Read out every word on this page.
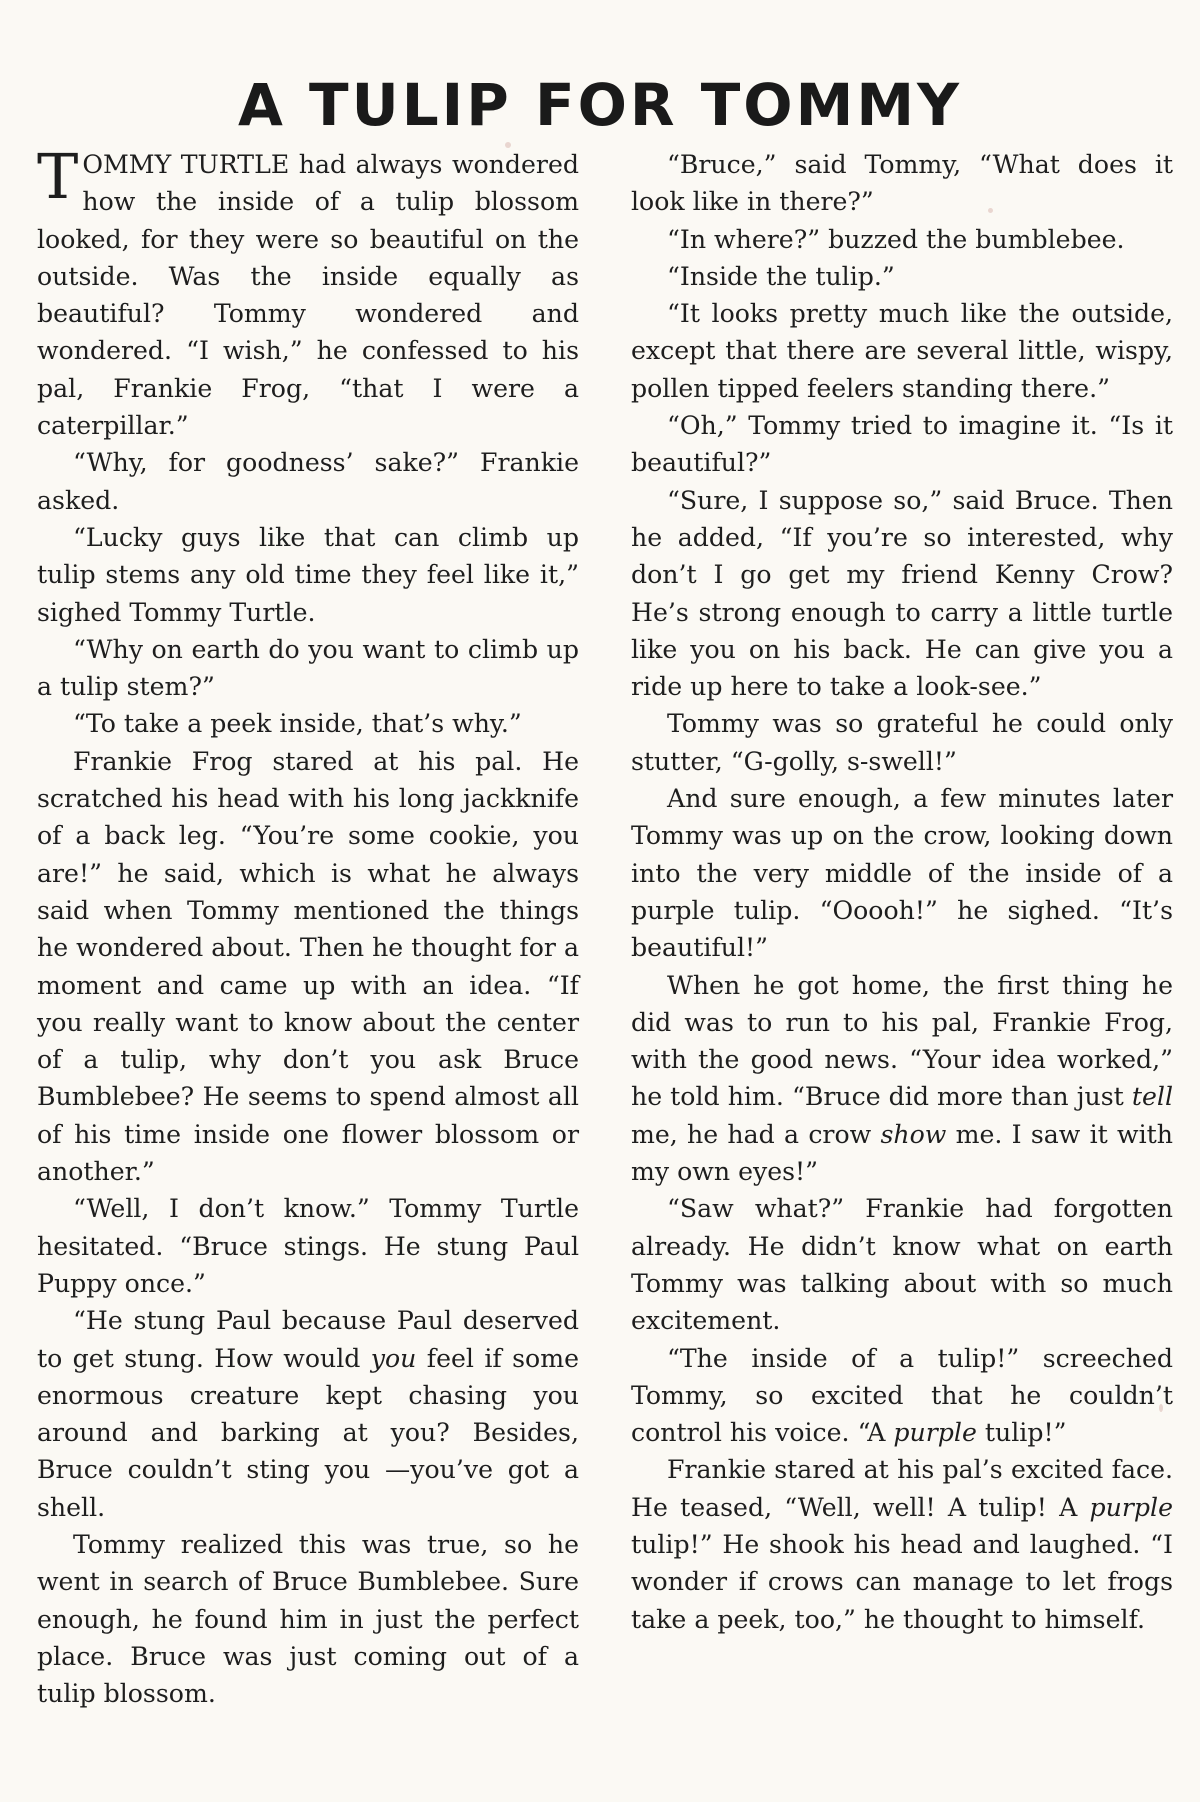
A TULIP FOR TOMMY

TOMMY TURTLE had always wondered how the inside of a tulip blossom looked, for they were so beautiful on the outside. Was the inside equally as beautiful? Tommy wondered and wondered. “I wish,” he confessed to his pal, Frankie Frog, “that I were a caterpillar.”

“Why, for goodness’ sake?” Frankie asked.

“Lucky guys like that can climb up tulip stems any old time they feel like it,” sighed Tommy Turtle.

“Why on earth do you want to climb up a tulip stem?”

“To take a peek inside, that’s why.”

Frankie Frog stared at his pal. He scratched his head with his long jackknife of a back leg. “You’re some cookie, you are!” he said, which is what he always said when Tommy mentioned the things he wondered about. Then he thought for a moment and came up with an idea. “If you really want to know about the center of a tulip, why don’t you ask Bruce Bumblebee? He seems to spend almost all of his time inside one flower blossom or another.”

“Well, I don’t know.” Tommy Turtle hesitated. “Bruce stings. He stung Paul Puppy once.”

“He stung Paul because Paul deserved to get stung. How would you feel if some enormous creature kept chasing you around and barking at you? Besides, Bruce couldn’t sting you —you’ve got a shell.

Tommy realized this was true, so he went in search of Bruce Bumblebee. Sure enough, he found him in just the perfect place. Bruce was just coming out of a tulip blossom.

“Bruce,” said Tommy, “What does it look like in there?”

“In where?” buzzed the bumblebee.

“Inside the tulip.”

“It looks pretty much like the outside, except that there are several little, wispy, pollen tipped feelers standing there.”

“Oh,” Tommy tried to imagine it. “Is it beautiful?”

“Sure, I suppose so,” said Bruce. Then he added, “If you’re so interested, why don’t I go get my friend Kenny Crow? He’s strong enough to carry a little turtle like you on his back. He can give you a ride up here to take a look-see.”

Tommy was so grateful he could only stutter, “G-golly, s-swell!”

And sure enough, a few minutes later Tommy was up on the crow, looking down into the very middle of the inside of a purple tulip. “Ooooh!” he sighed. “It’s beautiful!”

When he got home, the first thing he did was to run to his pal, Frankie Frog, with the good news. “Your idea worked,” he told him. “Bruce did more than just tell me, he had a crow show me. I saw it with my own eyes!”

“Saw what?” Frankie had forgotten already. He didn’t know what on earth Tommy was talking about with so much excitement.

“The inside of a tulip!” screeched Tommy, so excited that he couldn’t control his voice. “A purple tulip!”

Frankie stared at his pal’s excited face. He teased, “Well, well! A tulip! A purple tulip!” He shook his head and laughed. “I wonder if crows can manage to let frogs take a peek, too,” he thought to himself.
